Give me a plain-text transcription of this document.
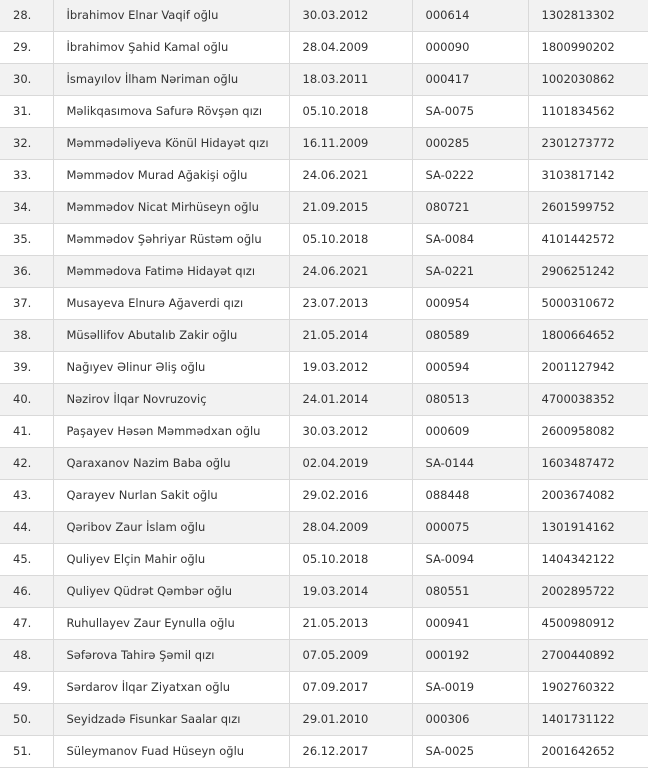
28.	İbrahimov Elnar Vaqif oğlu	30.03.2012	000614	1302813302
29.	İbrahimov Şahid Kamal oğlu	28.04.2009	000090	1800990202
30.	İsmayılov İlham Nəriman oğlu	18.03.2011	000417	1002030862
31.	Məlikqasımova Safurə Rövşən qızı	05.10.2018	SA-0075	1101834562
32.	Məmmədəliyeva Könül Hidayət qızı	16.11.2009	000285	2301273772
33.	Məmmədov Murad Ağakişi oğlu	24.06.2021	SA-0222	3103817142
34.	Məmmədov Nicat Mirhüseyn oğlu	21.09.2015	080721	2601599752
35.	Məmmədov Şəhriyar Rüstəm oğlu	05.10.2018	SA-0084	4101442572
36.	Məmmədova Fatimə Hidayət qızı	24.06.2021	SA-0221	2906251242
37.	Musayeva Elnurə Ağaverdi qızı	23.07.2013	000954	5000310672
38.	Müsəllifov Abutalıb Zakir oğlu	21.05.2014	080589	1800664652
39.	Nağıyev Əlinur Əliş oğlu	19.03.2012	000594	2001127942
40.	Nəzirov İlqar Novruzoviç	24.01.2014	080513	4700038352
41.	Paşayev Həsən Məmmədxan oğlu	30.03.2012	000609	2600958082
42.	Qaraxanov Nazim Baba oğlu	02.04.2019	SA-0144	1603487472
43.	Qarayev Nurlan Sakit oğlu	29.02.2016	088448	2003674082
44.	Qəribov Zaur İslam oğlu	28.04.2009	000075	1301914162
45.	Quliyev Elçin Mahir oğlu	05.10.2018	SA-0094	1404342122
46.	Quliyev Qüdrət Qəmbər oğlu	19.03.2014	080551	2002895722
47.	Ruhullayev Zaur Eynulla oğlu	21.05.2013	000941	4500980912
48.	Səfərova Tahirə Şəmil qızı	07.05.2009	000192	2700440892
49.	Sərdarov İlqar Ziyatxan oğlu	07.09.2017	SA-0019	1902760322
50.	Seyidzadə Fisunkar Saalar qızı	29.01.2010	000306	1401731122
51.	Süleymanov Fuad Hüseyn oğlu	26.12.2017	SA-0025	2001642652
